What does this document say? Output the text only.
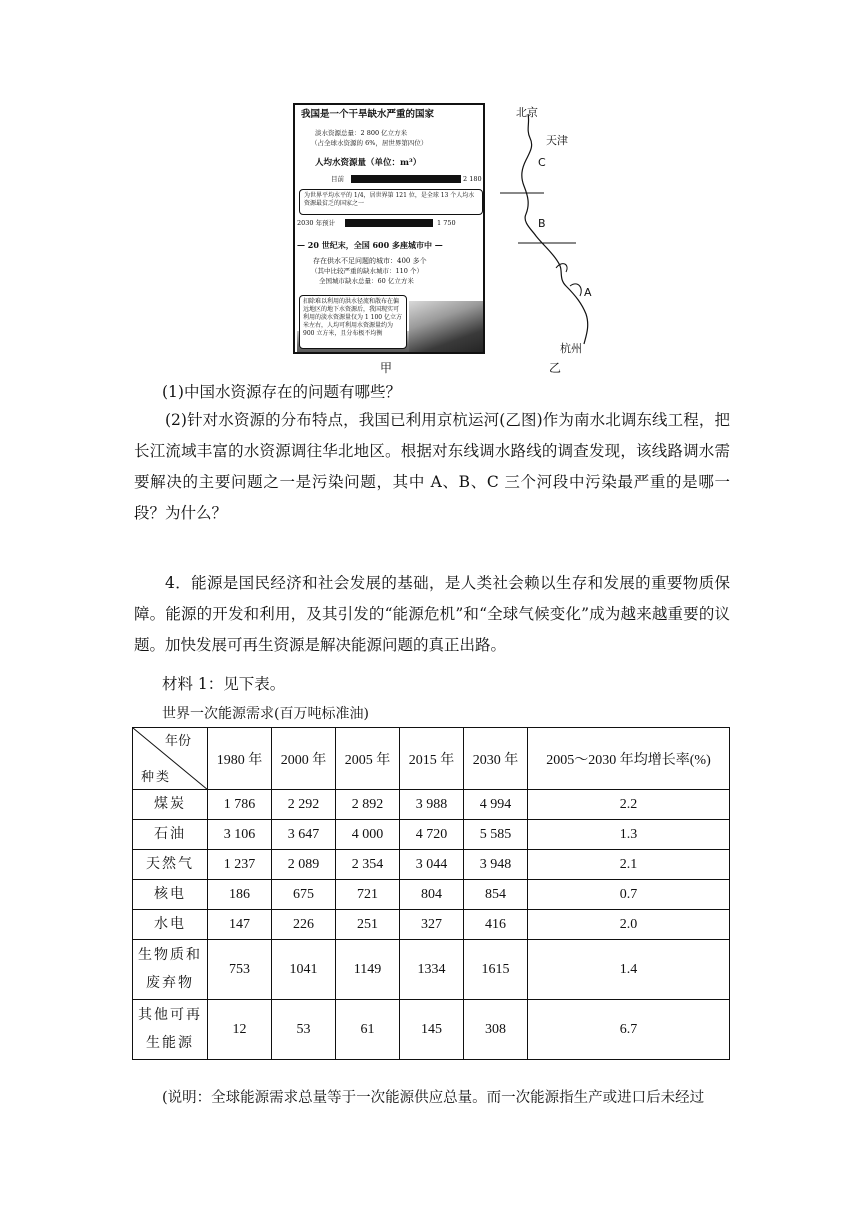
我国是一个干旱缺水严重的国家
淡水资源总量：2 800 亿立方米
（占全球水资源的 6%，居世界第四位）
人均水资源量（单位：m³）
目前	2 180
为世界平均水平的 1/4，居世界第 121 位，是全球 13 个人均水资源最贫乏的国家之一
2030 年预计	1 750
— 20 世纪末，全国 600 多座城市中 —
存在供水不足问题的城市：400 多个
（其中比较严重的缺水城市：110 个）
全国城市缺水总量：60 亿立方米
扣除难以利用的洪水径流和散布在偏远地区的地下水资源后，我国现实可利用的淡水资源量仅为 1 100 亿立方米左右，人均可利用水资源量约为 900 立方米，且分布极不均衡
甲
北京
天津
C
B
A
杭州
乙
(1)中国水资源存在的问题有哪些？
(2)针对水资源的分布特点，我国已利用京杭运河(乙图)作为南水北调东线工程，把长江流域丰富的水资源调往华北地区。根据对东线调水路线的调查发现，该线路调水需要解决的主要问题之一是污染问题，其中 A、B、C 三个河段中污染最严重的是哪一段？为什么？
4．能源是国民经济和社会发展的基础，是人类社会赖以生存和发展的重要物质保障。能源的开发和利用，及其引发的“能源危机”和“全球气候变化”成为越来越重要的议题。加快发展可再生资源是解决能源问题的真正出路。
材料 1：见下表。
世界一次能源需求(百万吨标准油)
年份
种类	1980 年	2000 年	2005 年	2015 年	2030 年	2005～2030 年均增长率(%)
煤炭	1 786	2 292	2 892	3 988	4 994	2.2
石油	3 106	3 647	4 000	4 720	5 585	1.3
天然气	1 237	2 089	2 354	3 044	3 948	2.1
核电	186	675	721	804	854	0.7
水电	147	226	251	327	416	2.0
生物质和废弃物	753	1041	1149	1334	1615	1.4
其他可再生能源	12	53	61	145	308	6.7
(说明：全球能源需求总量等于一次能源供应总量。而一次能源指生产或进口后未经过
